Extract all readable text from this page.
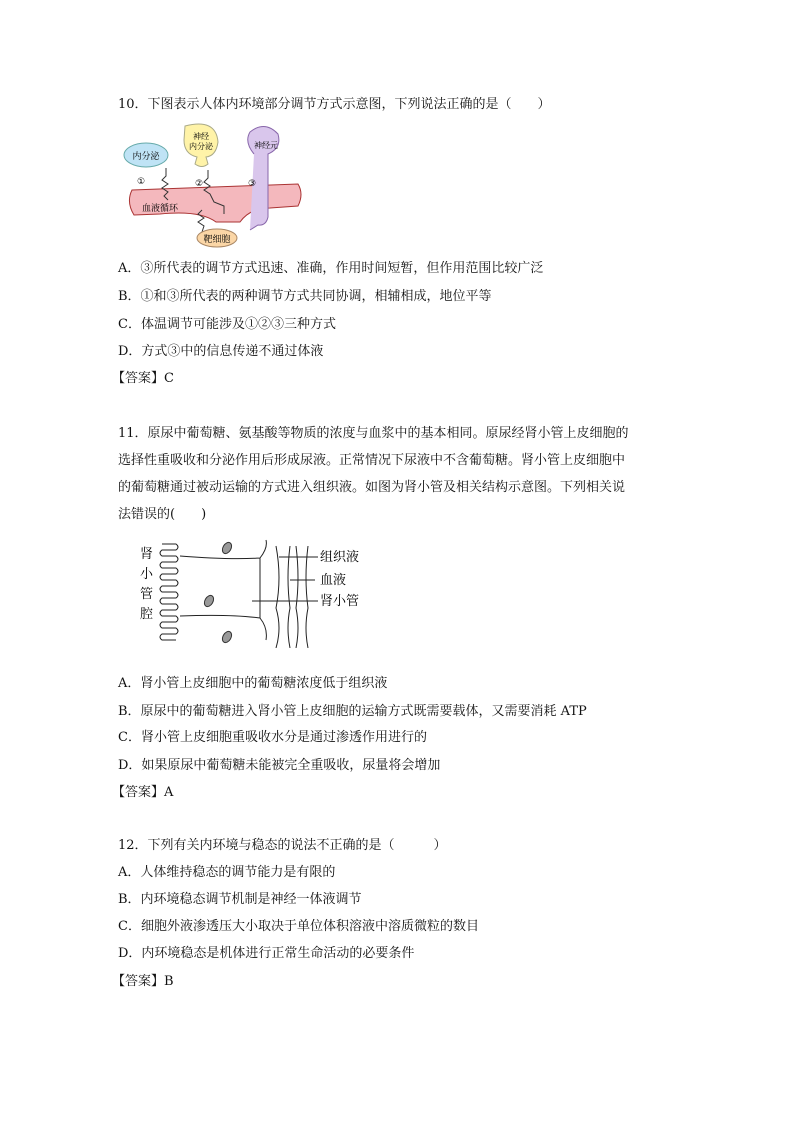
10．下图表示人体内环境部分调节方式示意图，下列说法正确的是（　　）
内分泌
神经
内分泌	神经元
①	②	③
血液循环
靶细胞
A．③所代表的调节方式迅速、准确，作用时间短暂，但作用范围比较广泛
B．①和③所代表的两种调节方式共同协调，相辅相成，地位平等
C．体温调节可能涉及①②③三种方式
D．方式③中的信息传递不通过体液
【答案】C
11．原尿中葡萄糖、氨基酸等物质的浓度与血浆中的基本相同。原尿经肾小管上皮细胞的
选择性重吸收和分泌作用后形成尿液。正常情况下尿液中不含葡萄糖。肾小管上皮细胞中
的葡萄糖通过被动运输的方式进入组织液。如图为肾小管及相关结构示意图。下列相关说
法错误的(　　)
肾
小
管
腔
组织液
血液
肾小管
A．肾小管上皮细胞中的葡萄糖浓度低于组织液
B．原尿中的葡萄糖进入肾小管上皮细胞的运输方式既需要载体，又需要消耗 ATP
C．肾小管上皮细胞重吸收水分是通过渗透作用进行的
D．如果原尿中葡萄糖未能被完全重吸收，尿量将会增加
【答案】A
12．下列有关内环境与稳态的说法不正确的是（　　　）
A．人体维持稳态的调节能力是有限的
B．内环境稳态调节机制是神经一体液调节
C．细胞外液渗透压大小取决于单位体积溶液中溶质微粒的数目
D．内环境稳态是机体进行正常生命活动的必要条件
【答案】B
